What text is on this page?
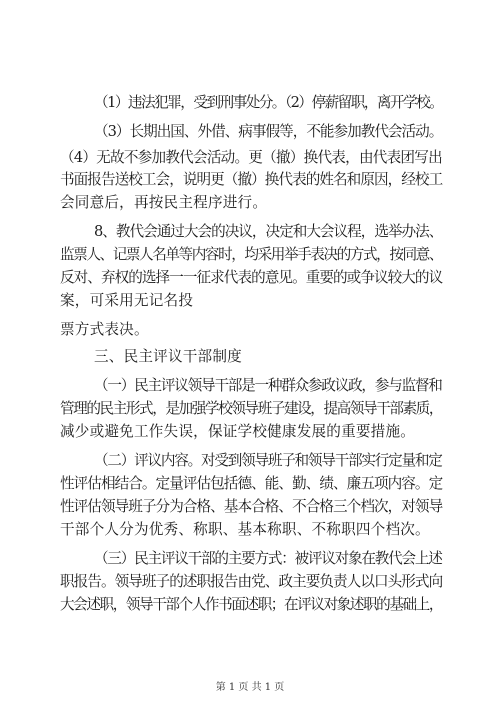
（1）违法犯罪，受到刑事处分。（2）停薪留职，离开学校。
（3）长期出国、外借、病事假等，不能参加教代会活动。
（4）无故不参加教代会活动。更（撤）换代表，由代表团写出
书面报告送校工会，说明更（撤）换代表的姓名和原因，经校工
会同意后，再按民主程序进行。
8、教代会通过大会的决议，决定和大会议程，选举办法、
监票人、记票人名单等内容时，均采用举手表决的方式，按同意、
反对、弃权的选择一一征求代表的意见。重要的或争议较大的议
案，可采用无记名投
票方式表决。
三、民主评议干部制度
（一）民主评议领导干部是一种群众参政议政，参与监督和
管理的民主形式，是加强学校领导班子建设，提高领导干部素质，
减少或避免工作失误，保证学校健康发展的重要措施。
（二）评议内容。对受到领导班子和领导干部实行定量和定
性评估相结合。定量评估包括德、能、勤、绩、廉五项内容。定
性评估领导班子分为合格、基本合格、不合格三个档次，对领导
干部个人分为优秀、称职、基本称职、不称职四个档次。
（三）民主评议干部的主要方式：被评议对象在教代会上述
职报告。领导班子的述职报告由党、政主要负责人以口头形式向
大会述职，领导干部个人作书面述职；在评议对象述职的基础上，
第 1 页 共 1 页
